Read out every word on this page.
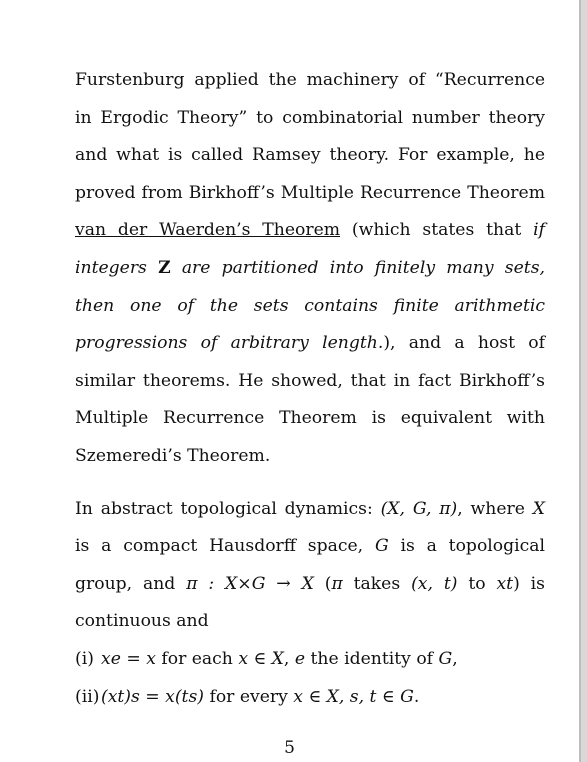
Furstenburg applied the machinery of “Recurrence in Ergodic Theory” to combinatorial number theory and what is called Ramsey theory. For example, he proved from Birkhoff’s Multiple Recurrence Theorem van der Waerden’s Theorem (which states that if integers Z are partitioned into finitely many sets, then one of the sets contains finite arithmetic progressions of arbitrary length.), and a host of similar theorems. He showed, that in fact Birkhoff’s Multiple Recurrence Theorem is equivalent with Szemeredi’s Theorem.

In abstract topological dynamics: (X, G, π), where X is a compact Hausdorff space, G is a topological group, and π : X×G → X (π takes (x, t) to xt) is continuous and

(i) xe = x for each x ∈ X, e the identity of G,

(ii)(xt)s = x(ts) for every x ∈ X, s, t ∈ G.

5
